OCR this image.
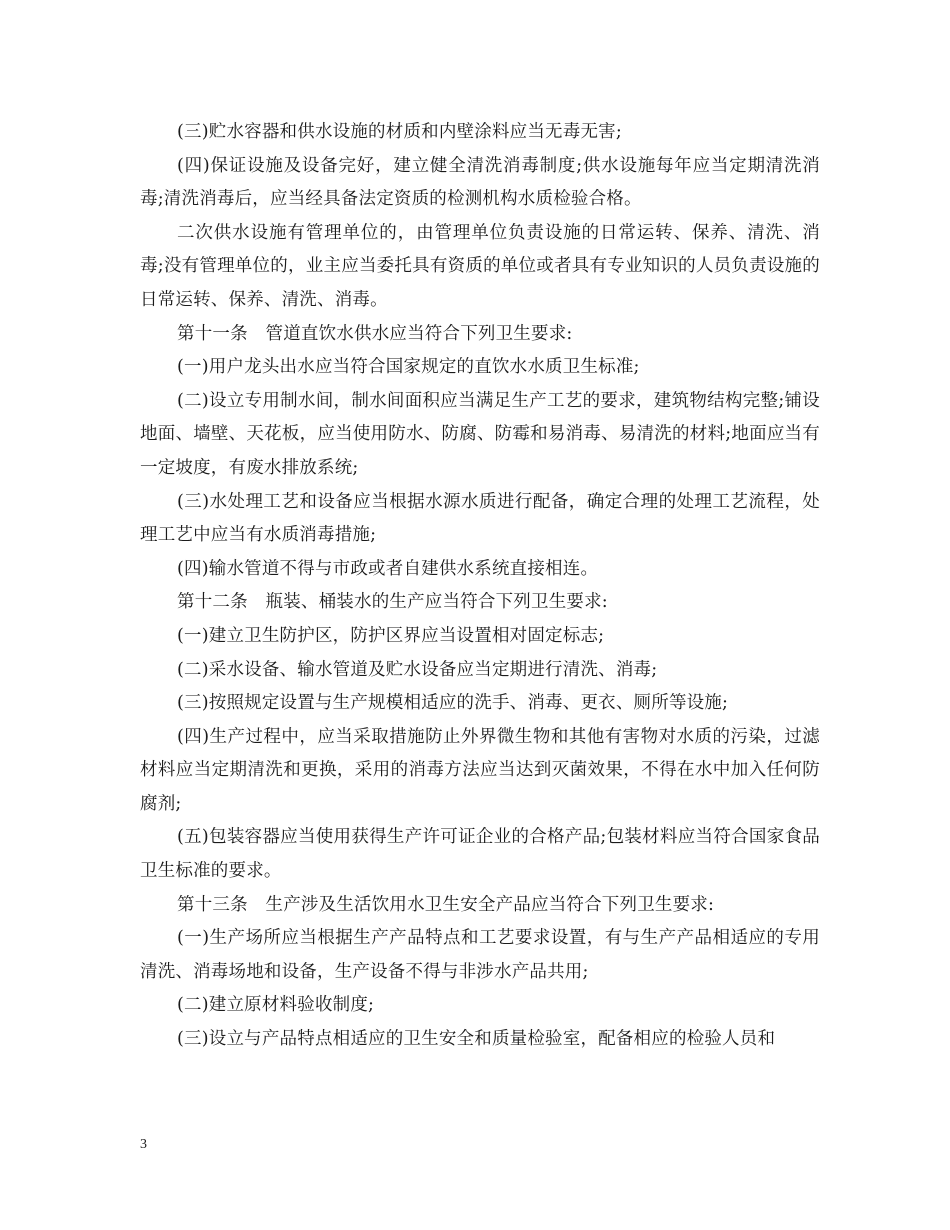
(三)贮水容器和供水设施的材质和内壁涂料应当无毒无害;

(四)保证设施及设备完好，建立健全清洗消毒制度;供水设施每年应当定期清洗消毒;清洗消毒后，应当经具备法定资质的检测机构水质检验合格。

二次供水设施有管理单位的，由管理单位负责设施的日常运转、保养、清洗、消毒;没有管理单位的，业主应当委托具有资质的单位或者具有专业知识的人员负责设施的日常运转、保养、清洗、消毒。

第十一条　管道直饮水供水应当符合下列卫生要求:

(一)用户龙头出水应当符合国家规定的直饮水水质卫生标准;

(二)设立专用制水间，制水间面积应当满足生产工艺的要求，建筑物结构完整;铺设地面、墙壁、天花板，应当使用防水、防腐、防霉和易消毒、易清洗的材料;地面应当有一定坡度，有废水排放系统;

(三)水处理工艺和设备应当根据水源水质进行配备，确定合理的处理工艺流程，处理工艺中应当有水质消毒措施;

(四)输水管道不得与市政或者自建供水系统直接相连。

第十二条　瓶装、桶装水的生产应当符合下列卫生要求:

(一)建立卫生防护区，防护区界应当设置相对固定标志;

(二)采水设备、输水管道及贮水设备应当定期进行清洗、消毒;

(三)按照规定设置与生产规模相适应的洗手、消毒、更衣、厕所等设施;

(四)生产过程中，应当采取措施防止外界微生物和其他有害物对水质的污染，过滤材料应当定期清洗和更换，采用的消毒方法应当达到灭菌效果，不得在水中加入任何防腐剂;

(五)包装容器应当使用获得生产许可证企业的合格产品;包装材料应当符合国家食品卫生标准的要求。

第十三条　生产涉及生活饮用水卫生安全产品应当符合下列卫生要求:

(一)生产场所应当根据生产产品特点和工艺要求设置，有与生产产品相适应的专用清洗、消毒场地和设备，生产设备不得与非涉水产品共用;

(二)建立原材料验收制度;

(三)设立与产品特点相适应的卫生安全和质量检验室，配备相应的检验人员和

3
